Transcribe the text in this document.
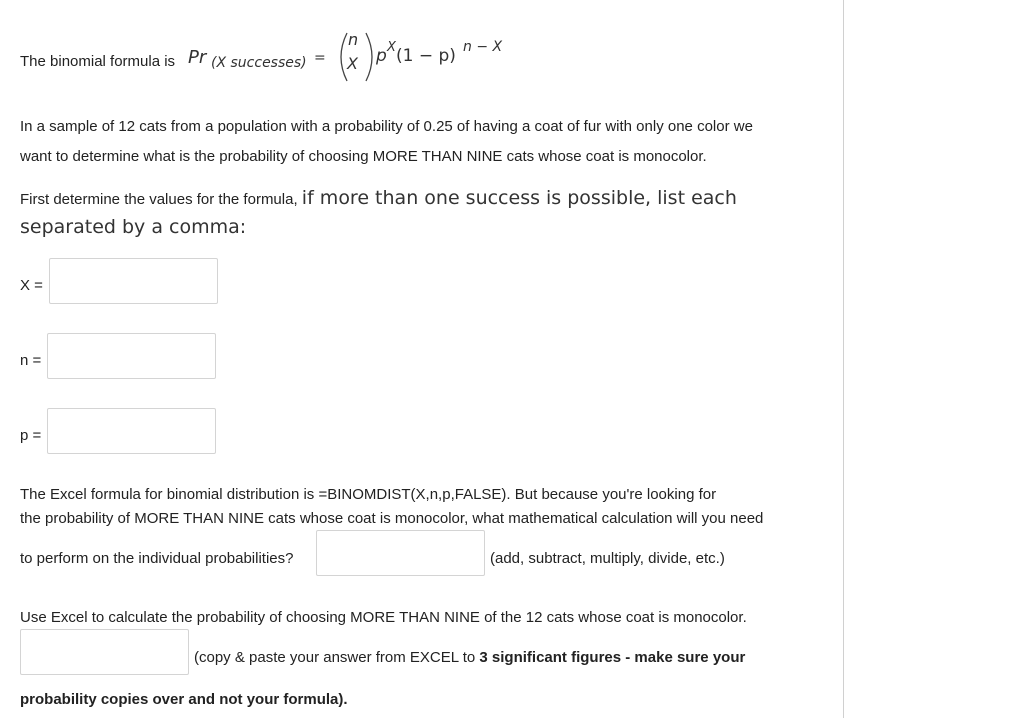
The binomial formula is Pr (X successes) =
n
X p X (1 − p) n − X
In a sample of 12 cats from a population with a probability of 0.25 of having a coat of fur with only one color we
want to determine what is the probability of choosing MORE THAN NINE cats whose coat is monocolor.
First determine the values for the formula, if more than one success is possible, list each
separated by a comma:
X =
n =
p =
The Excel formula for binomial distribution is =BINOMDIST(X,n,p,FALSE). But because you're looking for
the probability of MORE THAN NINE cats whose coat is monocolor, what mathematical calculation will you need
to perform on the individual probabilities?	(add, subtract, multiply, divide, etc.)
Use Excel to calculate the probability of choosing MORE THAN NINE of the 12 cats whose coat is monocolor.
(copy & paste your answer from EXCEL to 3 significant figures - make sure your
probability copies over and not your formula).
